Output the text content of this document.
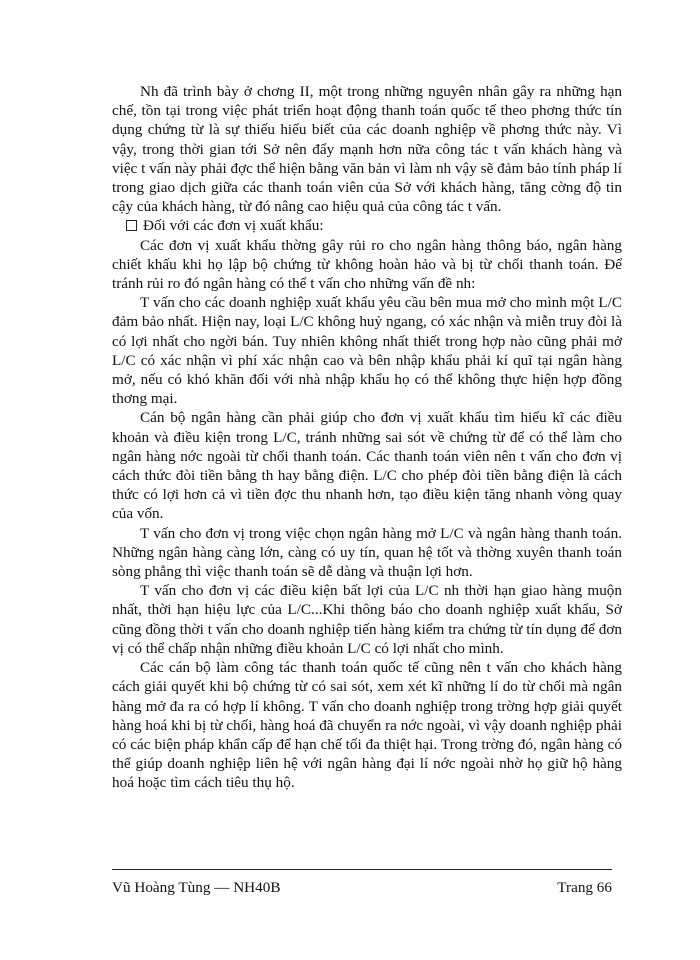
Nh đã trình bày ở chơng II, một trong những nguyên nhân gây ra những hạn chế, tồn tại trong việc phát triển hoạt động thanh toán quốc tế theo phơng thức tín dụng chứng từ là sự thiếu hiểu biết của các doanh nghiệp về phơng thức này. Vì vậy, trong thời gian tới Sở nên đẩy mạnh hơn nữa công tác t vấn khách hàng và việc t vấn này phải đợc thể hiện bằng văn bản vì làm nh vậy sẽ đảm bảo tính pháp lí trong giao dịch giữa các thanh toán viên của Sở với khách hàng, tăng cờng độ tin cậy của khách hàng, từ đó nâng cao hiệu quả của công tác t vấn.

Đối với các đơn vị xuất khẩu:

Các đơn vị xuất khẩu thờng gây rủi ro cho ngân hàng thông báo, ngân hàng chiết khấu khi họ lập bộ chứng từ không hoàn hảo và bị từ chối thanh toán. Để tránh rủi ro đó ngân hàng có thể t vấn cho những vấn đề nh:

T vấn cho các doanh nghiệp xuất khẩu yêu cầu bên mua mở cho mình một L/C đảm bảo nhất. Hiện nay, loại L/C không huỷ ngang, có xác nhận và miễn truy đòi là có lợi nhất cho ngời bán. Tuy nhiên không nhất thiết trong hợp nào cũng phải mở L/C có xác nhận vì phí xác nhận cao và bên nhập khẩu phải kí quĩ tại ngân hàng mở, nếu có khó khăn đối với nhà nhập khẩu họ có thể không thực hiện hợp đồng thơng mại.

Cán bộ ngân hàng cần phải giúp cho đơn vị xuất khẩu tìm hiểu kĩ các điều khoản và điều kiện trong L/C, tránh những sai sót về chứng từ để có thể làm cho ngân hàng nớc ngoài từ chối thanh toán. Các thanh toán viên nên t vấn cho đơn vị cách thức đòi tiền bằng th hay bằng điện. L/C cho phép đòi tiền bằng điện là cách thức có lợi hơn cả vì tiền đợc thu nhanh hơn, tạo điều kiện tăng nhanh vòng quay của vốn.

T vấn cho đơn vị trong việc chọn ngân hàng mở L/C và ngân hàng thanh toán. Những ngân hàng càng lớn, càng có uy tín, quan hệ tốt và thờng xuyên thanh toán sòng phẳng thì việc thanh toán sẽ dễ dàng và thuận lợi hơn.

T vấn cho đơn vị các điều kiện bất lợi của L/C nh thời hạn giao hàng muộn nhất, thời hạn hiệu lực của L/C...Khi thông báo cho doanh nghiệp xuất khẩu, Sở cũng đồng thời t vấn cho doanh nghiệp tiến hàng kiểm tra chứng từ tín dụng để đơn vị có thể chấp nhận những điều khoản L/C có lợi nhất cho mình.

Các cán bộ làm công tác thanh toán quốc tế cũng nên t vấn cho khách hàng cách giải quyết khi bộ chứng từ có sai sót, xem xét kĩ những lí do từ chối mà ngân hàng mở đa ra có hợp lí không. T vấn cho doanh nghiệp trong trờng hợp giải quyết hàng hoá khi bị từ chối, hàng hoá đã chuyển ra nớc ngoài, vì vậy doanh nghiệp phải có các biện pháp khẩn cấp để hạn chế tối đa thiệt hại. Trong trờng đó, ngân hàng có thể giúp doanh nghiệp liên hệ với ngân hàng đại lí nớc ngoài nhờ họ giữ hộ hàng hoá hoặc tìm cách tiêu thụ hộ.

Vũ Hoàng Tùng — NH40B	Trang 66
